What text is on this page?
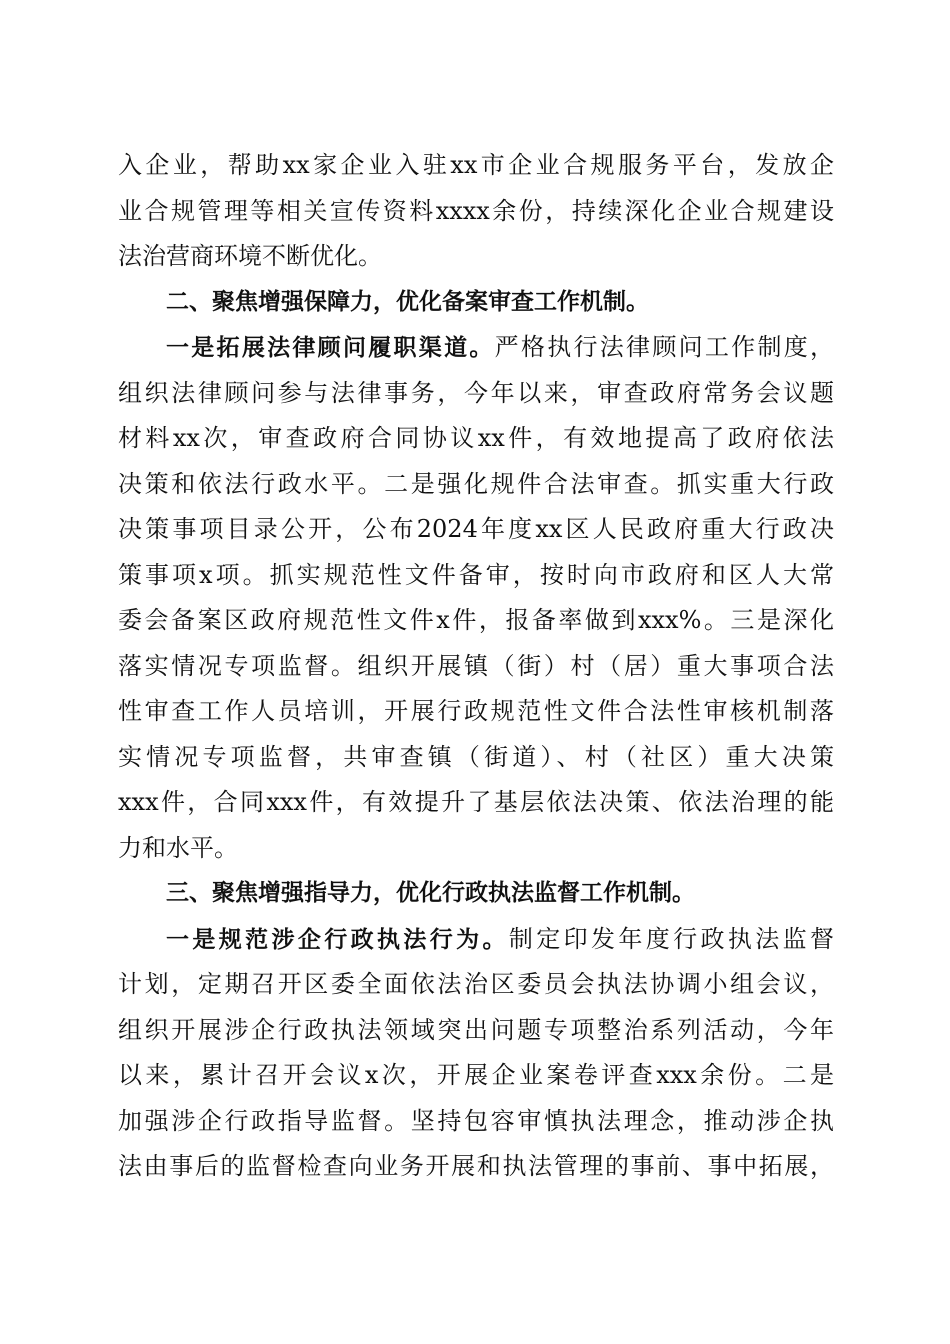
入企业，帮助xx家企业入驻xx市企业合规服务平台，发放企
业合规管理等相关宣传资料xxxx余份，持续深化企业合规建设
法治营商环境不断优化。
二、聚焦增强保障力，优化备案审查工作机制。
一是拓展法律顾问履职渠道。严格执行法律顾问工作制度，
组织法律顾问参与法律事务，今年以来，审查政府常务会议题
材料xx次，审查政府合同协议xx件，有效地提高了政府依法
决策和依法行政水平。二是强化规件合法审查。抓实重大行政
决策事项目录公开，公布2024年度xx区人民政府重大行政决
策事项x项。抓实规范性文件备审，按时向市政府和区人大常
委会备案区政府规范性文件x件，报备率做到xxx%。三是深化
落实情况专项监督。组织开展镇（街）村（居）重大事项合法
性审查工作人员培训，开展行政规范性文件合法性审核机制落
实情况专项监督，共审查镇（街道）、村（社区）重大决策
xxx件，合同xxx件，有效提升了基层依法决策、依法治理的能
力和水平。
三、聚焦增强指导力，优化行政执法监督工作机制。
一是规范涉企行政执法行为。制定印发年度行政执法监督
计划，定期召开区委全面依法治区委员会执法协调小组会议，
组织开展涉企行政执法领域突出问题专项整治系列活动，今年
以来，累计召开会议x次，开展企业案卷评查xxx余份。二是
加强涉企行政指导监督。坚持包容审慎执法理念，推动涉企执
法由事后的监督检查向业务开展和执法管理的事前、事中拓展，
